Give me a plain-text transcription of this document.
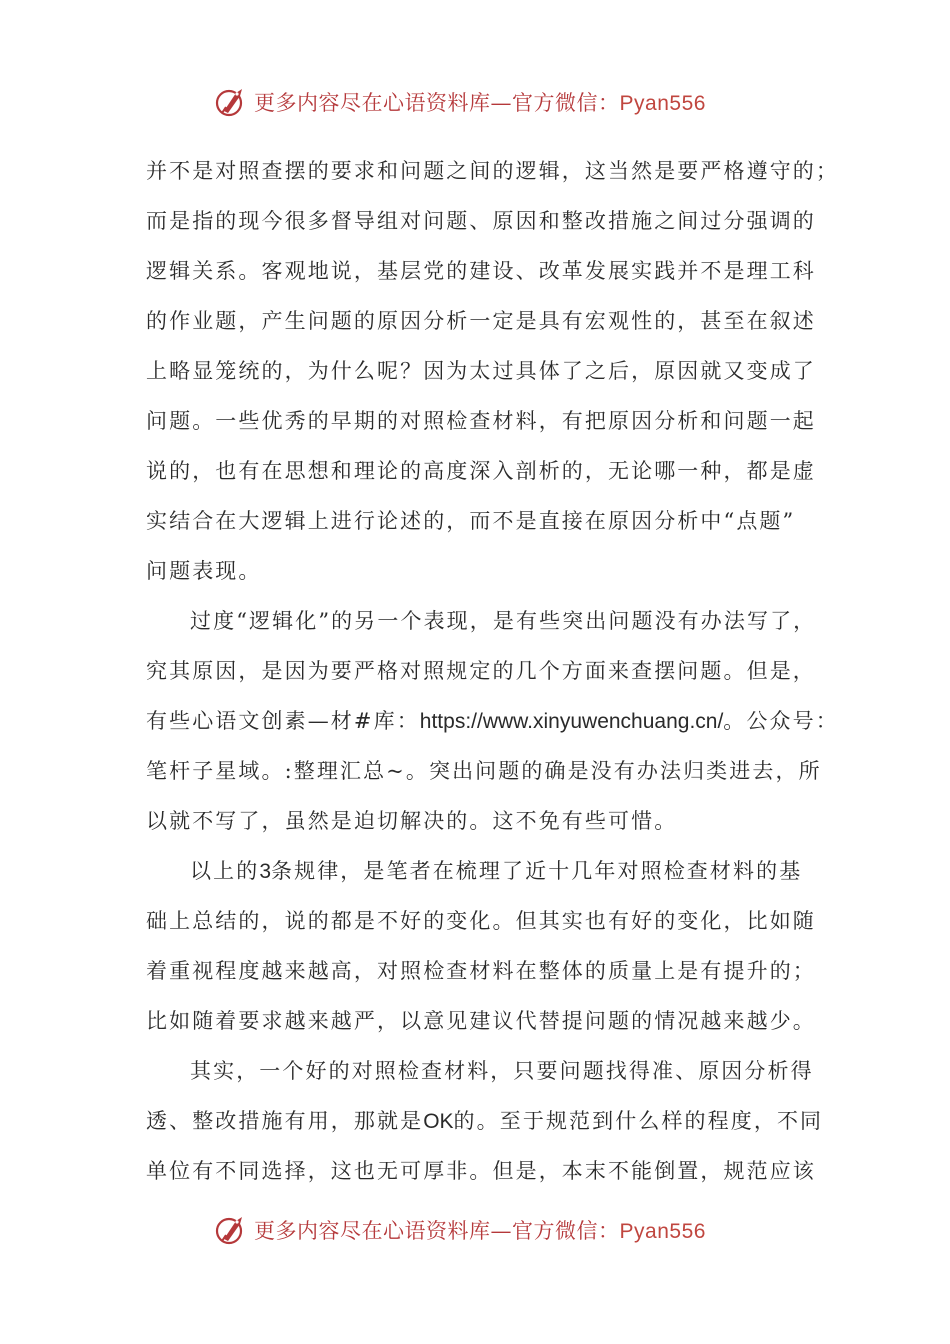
更多内容尽在心语资料库—官方微信：Pyan556
并不是对照查摆的要求和问题之间的逻辑，这当然是要严格遵守的；
而是指的现今很多督导组对问题、原因和整改措施之间过分强调的
逻辑关系。客观地说，基层党的建设、改革发展实践并不是理工科
的作业题，产生问题的原因分析一定是具有宏观性的，甚至在叙述
上略显笼统的，为什么呢？因为太过具体了之后，原因就又变成了
问题。一些优秀的早期的对照检查材料，有把原因分析和问题一起
说的，也有在思想和理论的高度深入剖析的，无论哪一种，都是虚
实结合在大逻辑上进行论述的，而不是直接在原因分析中“点题”
问题表现。
过度“逻辑化”的另一个表现，是有些突出问题没有办法写了，
究其原因，是因为要严格对照规定的几个方面来查摆问题。但是，
有些心语文创素—材#库：https://www.xinyuwenchuang.cn/。公众号：
笔杆子星域。:整理汇总~。突出问题的确是没有办法归类进去，所
以就不写了，虽然是迫切解决的。这不免有些可惜。
以上的3条规律，是笔者在梳理了近十几年对照检查材料的基
础上总结的，说的都是不好的变化。但其实也有好的变化，比如随
着重视程度越来越高，对照检查材料在整体的质量上是有提升的；
比如随着要求越来越严，以意见建议代替提问题的情况越来越少。
其实，一个好的对照检查材料，只要问题找得准、原因分析得
透、整改措施有用，那就是OK的。至于规范到什么样的程度，不同
单位有不同选择，这也无可厚非。但是，本末不能倒置，规范应该
更多内容尽在心语资料库—官方微信：Pyan556
